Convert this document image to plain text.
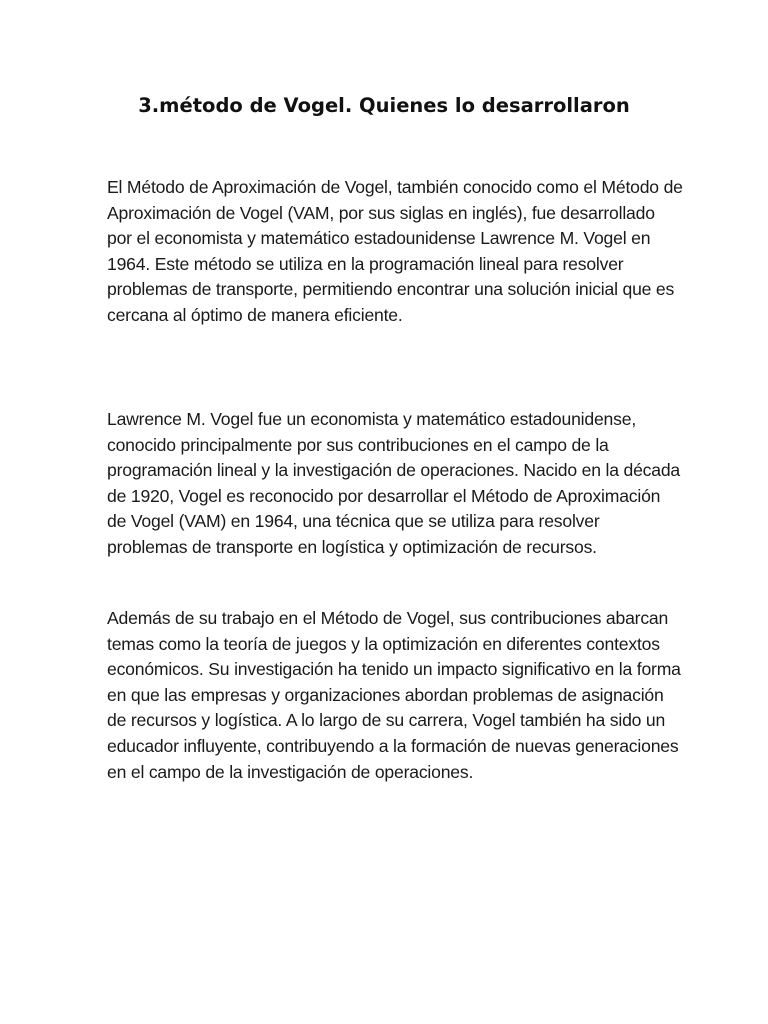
3.método de Vogel. Quienes lo desarrollaron

El Método de Aproximación de Vogel, también conocido como el Método de
Aproximación de Vogel (VAM, por sus siglas en inglés), fue desarrollado
por el economista y matemático estadounidense Lawrence M. Vogel en
1964. Este método se utiliza en la programación lineal para resolver
problemas de transporte, permitiendo encontrar una solución inicial que es
cercana al óptimo de manera eficiente.

Lawrence M. Vogel fue un economista y matemático estadounidense,
conocido principalmente por sus contribuciones en el campo de la
programación lineal y la investigación de operaciones. Nacido en la década
de 1920, Vogel es reconocido por desarrollar el Método de Aproximación
de Vogel (VAM) en 1964, una técnica que se utiliza para resolver
problemas de transporte en logística y optimización de recursos.

Además de su trabajo en el Método de Vogel, sus contribuciones abarcan
temas como la teoría de juegos y la optimización en diferentes contextos
económicos. Su investigación ha tenido un impacto significativo en la forma
en que las empresas y organizaciones abordan problemas de asignación
de recursos y logística. A lo largo de su carrera, Vogel también ha sido un
educador influyente, contribuyendo a la formación de nuevas generaciones
en el campo de la investigación de operaciones.
